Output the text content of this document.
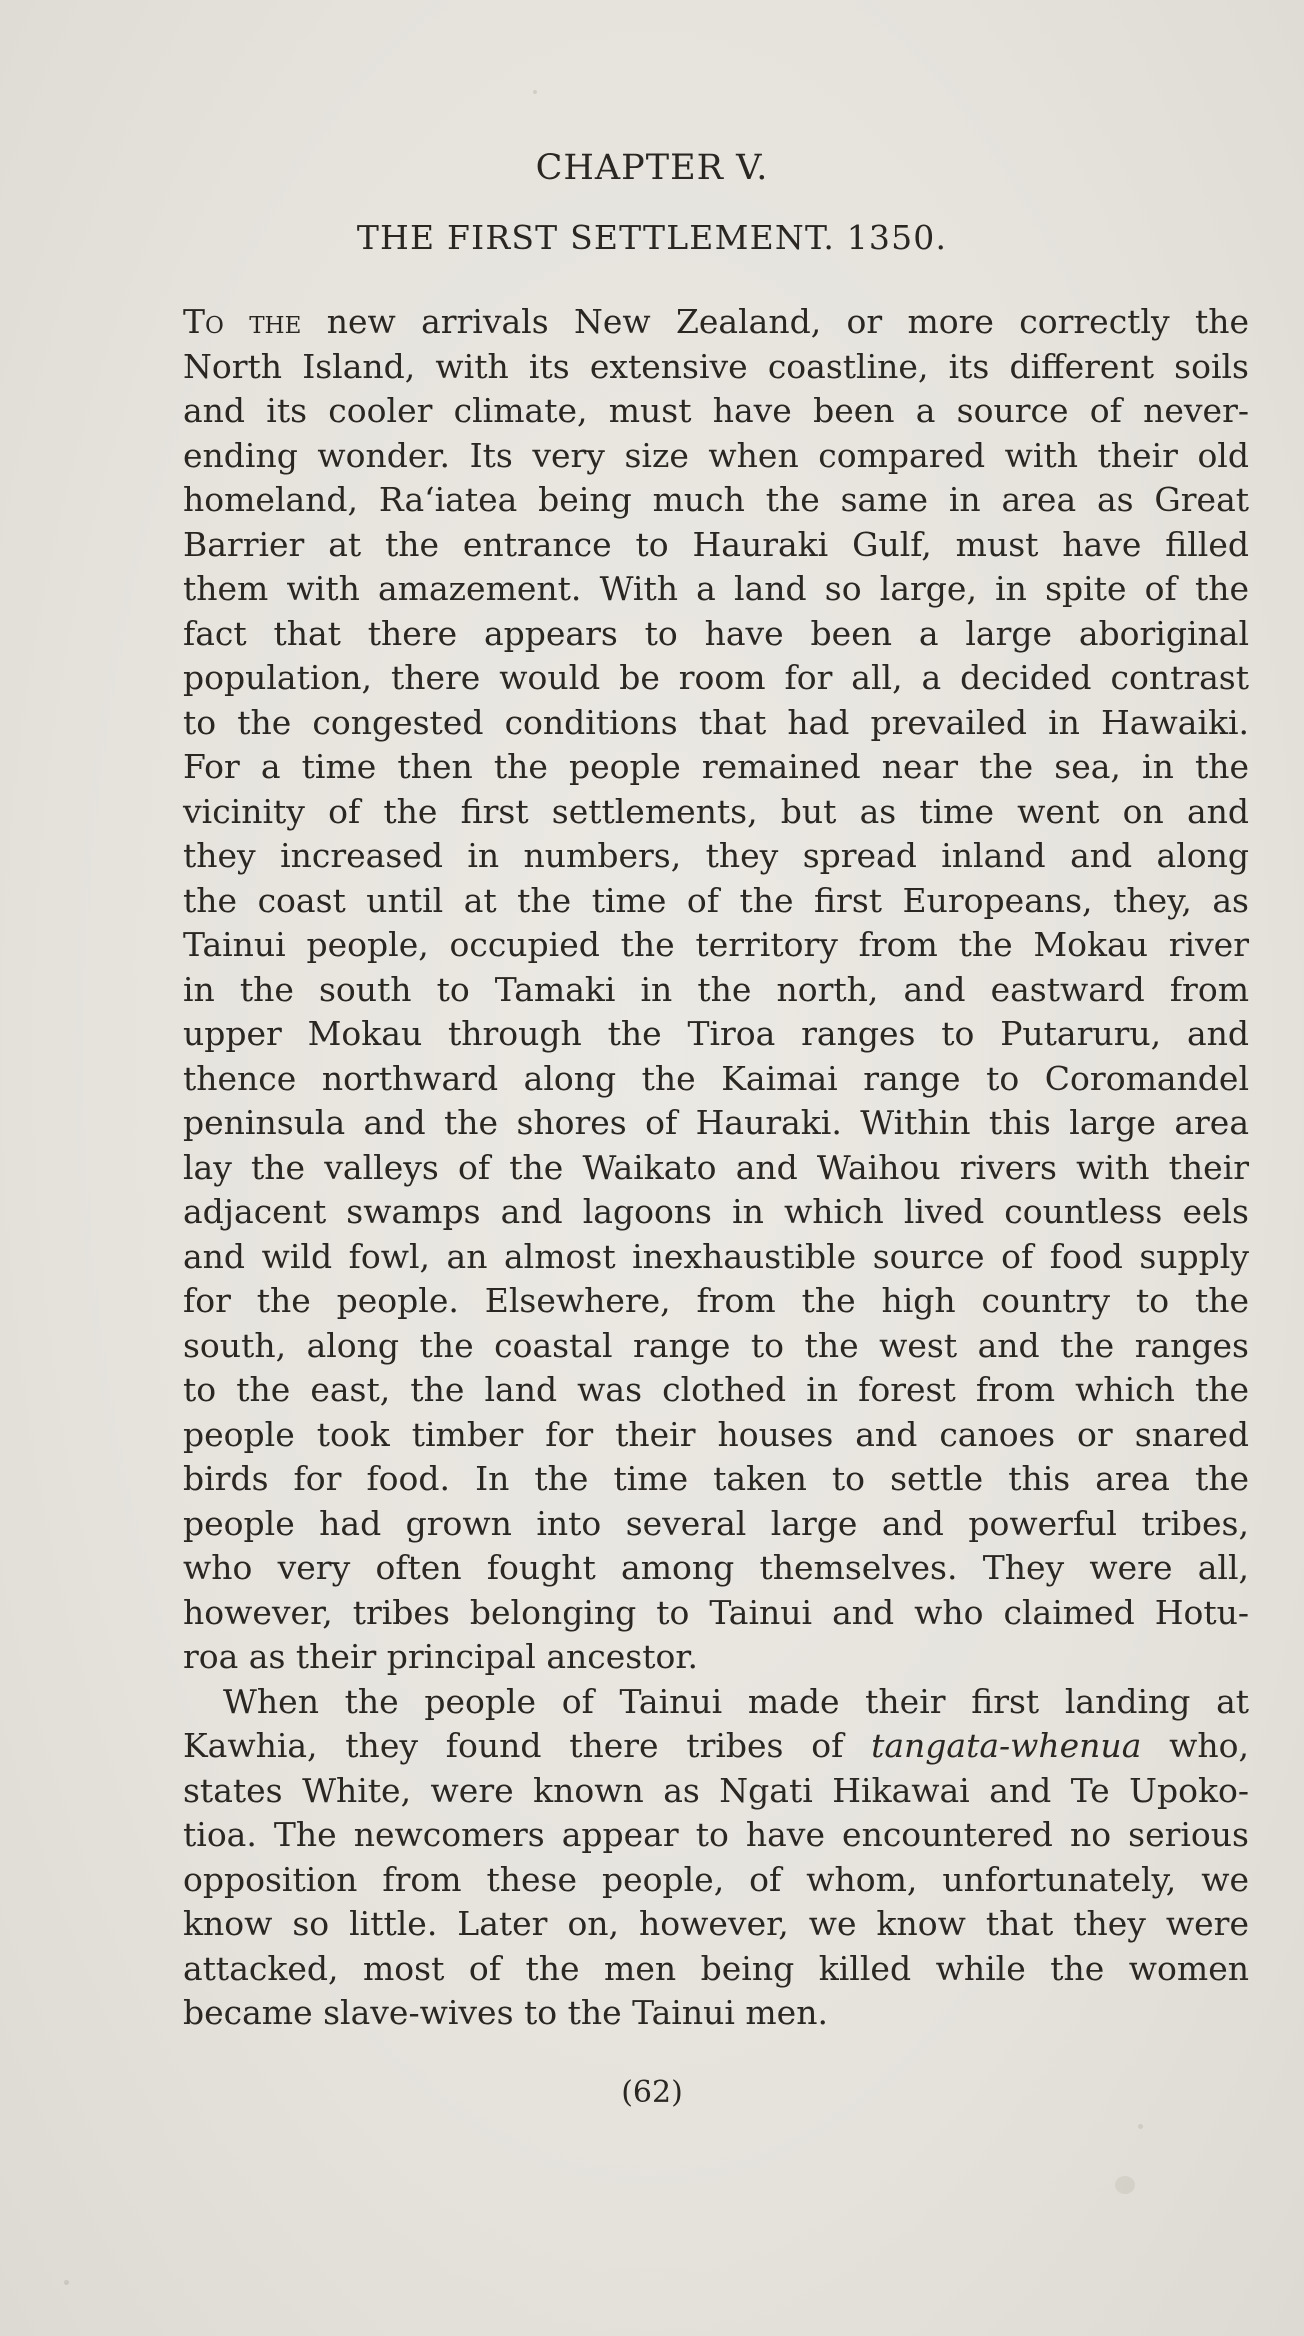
CHAPTER V.
THE FIRST SETTLEMENT. 1350.
To the new arrivals New Zealand, or more correctly the
North Island, with its extensive coastline, its different soils
and its cooler climate, must have been a source of never-
ending wonder. Its very size when compared with their old
homeland, Ra‘iatea being much the same in area as Great
Barrier at the entrance to Hauraki Gulf, must have filled
them with amazement. With a land so large, in spite of the
fact that there appears to have been a large aboriginal
population, there would be room for all, a decided contrast
to the congested conditions that had prevailed in Hawaiki.
For a time then the people remained near the sea, in the
vicinity of the first settlements, but as time went on and
they increased in numbers, they spread inland and along
the coast until at the time of the first Europeans, they, as
Tainui people, occupied the territory from the Mokau river
in the south to Tamaki in the north, and eastward from
upper Mokau through the Tiroa ranges to Putaruru, and
thence northward along the Kaimai range to Coromandel
peninsula and the shores of Hauraki. Within this large area
lay the valleys of the Waikato and Waihou rivers with their
adjacent swamps and lagoons in which lived countless eels
and wild fowl, an almost inexhaustible source of food supply
for the people. Elsewhere, from the high country to the
south, along the coastal range to the west and the ranges
to the east, the land was clothed in forest from which the
people took timber for their houses and canoes or snared
birds for food. In the time taken to settle this area the
people had grown into several large and powerful tribes,
who very often fought among themselves. They were all,
however, tribes belonging to Tainui and who claimed Hotu-
roa as their principal ancestor.
When the people of Tainui made their first landing at
Kawhia, they found there tribes of tangata-whenua who,
states White, were known as Ngati Hikawai and Te Upoko-
tioa. The newcomers appear to have encountered no serious
opposition from these people, of whom, unfortunately, we
know so little. Later on, however, we know that they were
attacked, most of the men being killed while the women
became slave-wives to the Tainui men.
(62)
